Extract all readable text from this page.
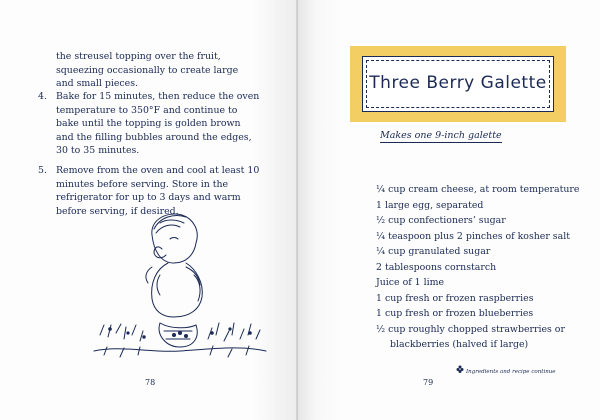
the streusel topping over the fruit, squeezing occasionally to create large and small pieces.
4. Bake for 15 minutes, then reduce the oven temperature to 350°F and continue to bake until the topping is golden brown and the filling bubbles around the edges, 30 to 35 minutes.
5. Remove from the oven and cool at least 10 minutes before serving. Store in the refrigerator for up to 3 days and warm before serving, if desired.
78
Three Berry Galette
Makes one 9-inch galette
¼ cup cream cheese, at room temperature
1 large egg, separated
½ cup confectioners’ sugar
¼ teaspoon plus 2 pinches of kosher salt
¼ cup granulated sugar
2 tablespoons cornstarch
Juice of 1 lime
1 cup fresh or frozen raspberries
1 cup fresh or frozen blueberries
½ cup roughly chopped strawberries or blackberries (halved if large)
Ingredients and recipe continue
79
